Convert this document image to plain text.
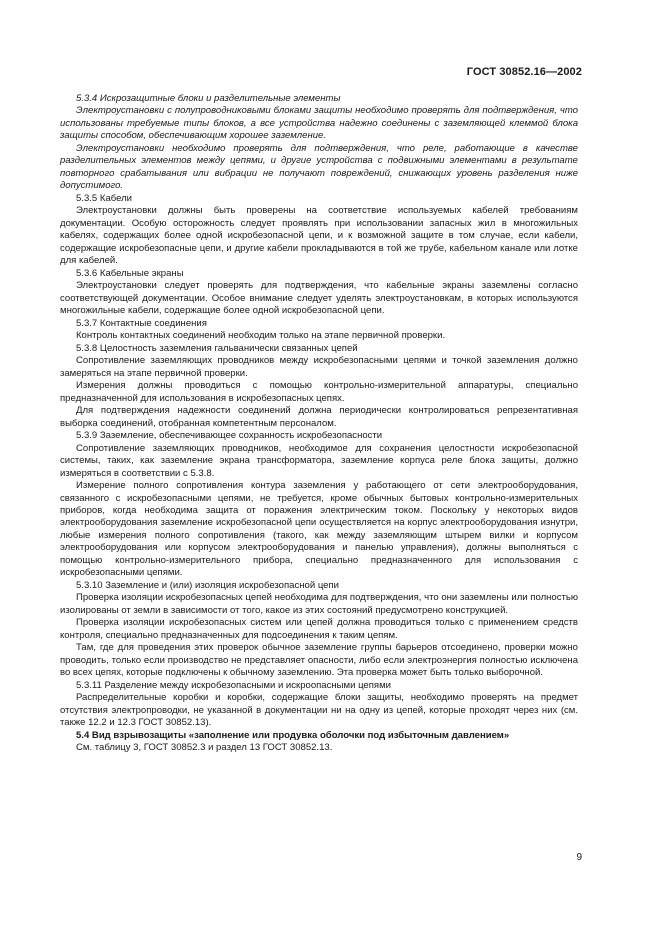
ГОСТ 30852.16—2002

5.3.4 Искрозащитные блоки и разделительные элементы

Электроустановки с полупроводниковыми блоками защиты необходимо проверять для подтверждения, что использованы требуемые типы блоков, а все устройства надежно соединены с заземляющей клеммой блока защиты способом, обеспечивающим хорошее заземление.

Электроустановки необходимо проверять для подтверждения, что реле, работающие в качестве разделительных элементов между цепями, и другие устройства с подвижными элементами в результате повторного срабатывания или вибрации не получают повреждений, снижающих уровень разделения ниже допустимого.

5.3.5 Кабели

Электроустановки должны быть проверены на соответствие используемых кабелей требованиям документации. Особую осторожность следует проявлять при использовании запасных жил в многожильных кабелях, содержащих более одной искробезопасной цепи, и к возможной защите в том случае, если кабели, содержащие искробезопасные цепи, и другие кабели прокладываются в той же трубе, кабельном канале или лотке для кабелей.

5.3.6 Кабельные экраны

Электроустановки следует проверять для подтверждения, что кабельные экраны заземлены согласно соответствующей документации. Особое внимание следует уделять электроустановкам, в которых используются многожильные кабели, содержащие более одной искробезопасной цепи.

5.3.7 Контактные соединения

Контроль контактных соединений необходим только на этапе первичной проверки.

5.3.8 Целостность заземления гальванически связанных цепей

Сопротивление заземляющих проводников между искробезопасными цепями и точкой заземления должно замеряться на этапе первичной проверки.

Измерения должны проводиться с помощью контрольно-измерительной аппаратуры, специально предназначенной для использования в искробезопасных цепях.

Для подтверждения надежности соединений должна периодически контролироваться репрезентативная выборка соединений, отобранная компетентным персоналом.

5.3.9 Заземление, обеспечивающее сохранность искробезопасности

Сопротивление заземляющих проводников, необходимое для сохранения целостности искробезопасной системы, таких, как заземление экрана трансформатора, заземление корпуса реле блока защиты, должно измеряться в соответствии с 5.3.8.

Измерение полного сопротивления контура заземления у работающего от сети электрооборудования, связанного с искробезопасными цепями, не требуется, кроме обычных бытовых контрольно-измерительных приборов, когда необходима защита от поражения электрическим током. Поскольку у некоторых видов электрооборудования заземление искробезопасной цепи осуществляется на корпус электрооборудования изнутри, любые измерения полного сопротивления (такого, как между заземляющим штырем вилки и корпусом электрооборудования или корпусом электрооборудования и панелью управления), должны выполняться с помощью контрольно-измерительного прибора, специально предназначенного для использования с искробезопасными цепями.

5.3.10 Заземление и (или) изоляция искробезопасной цепи

Проверка изоляции искробезопасных цепей необходима для подтверждения, что они заземлены или полностью изолированы от земли в зависимости от того, какое из этих состояний предусмотрено конструкцией.

Проверка изоляции искробезопасных систем или цепей должна проводиться только с применением средств контроля, специально предназначенных для подсоединения к таким цепям.

Там, где для проведения этих проверок обычное заземление группы барьеров отсоединено, проверки можно проводить, только если производство не представляет опасности, либо если электроэнергия полностью исключена во всех цепях, которые подключены к обычному заземлению. Эта проверка может быть только выборочной.

5.3.11 Разделение между искробезопасными и искроопасными цепями

Распределительные коробки и коробки, содержащие блоки защиты, необходимо проверять на предмет отсутствия электропроводки, не указанной в документации ни на одну из цепей, которые проходят через них (см. также 12.2 и 12.3 ГОСТ 30852.13).

5.4 Вид взрывозащиты «заполнение или продувка оболочки под избыточным давлением»

См. таблицу 3, ГОСТ 30852.3 и раздел 13 ГОСТ 30852.13.

9
